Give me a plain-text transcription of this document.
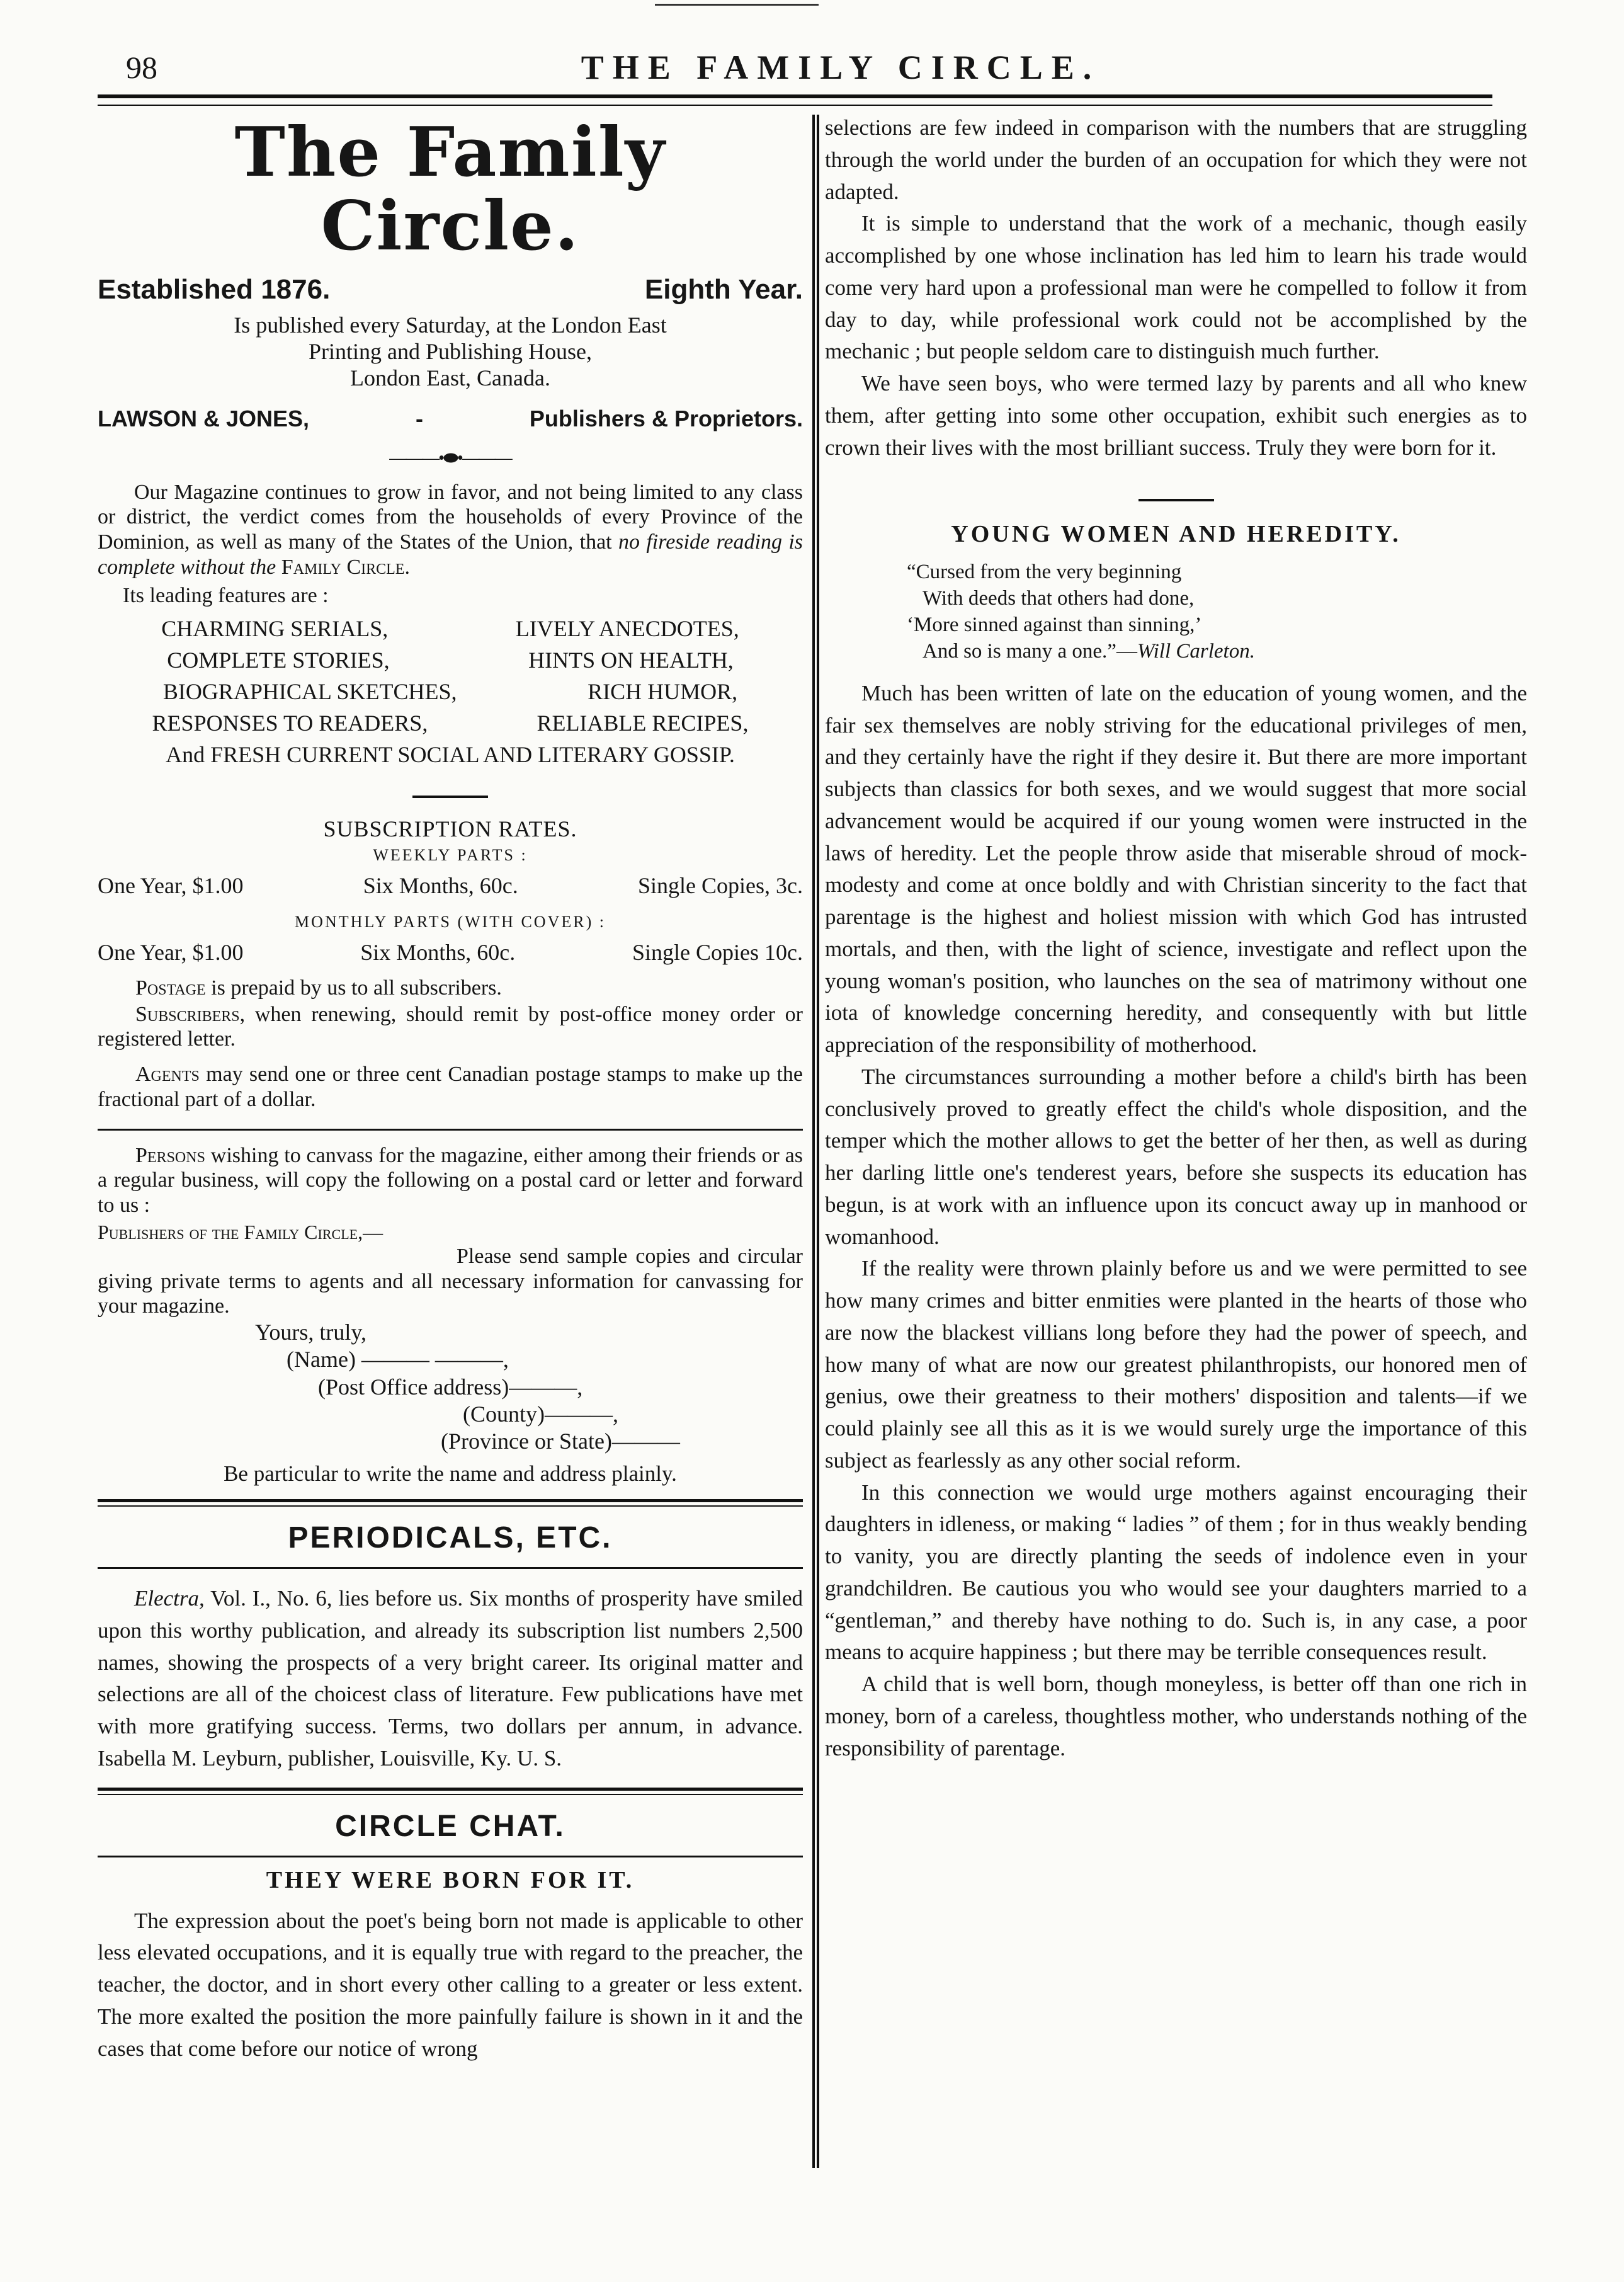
98	THE FAMILY CIRCLE.
The Family Circle.
Established 1876.	Eighth Year.

Is published every Saturday, at the London East

Printing and Publishing House,

London East, Canada.

LAWSON & JONES,	-	Publishers & Proprietors.
———•⬬•———

Our Magazine continues to grow in favor, and not being limited to any class or district, the verdict comes from the households of every Province of the Dominion, as well as many of the States of the Union, that no fireside reading is complete without the Family Circle.

Its leading features are :

CHARMING SERIALS,	LIVELY ANECDOTES,
COMPLETE STORIES,	HINTS ON HEALTH,
BIOGRAPHICAL SKETCHES,	RICH HUMOR,
RESPONSES TO READERS,	RELIABLE RECIPES,
And FRESH CURRENT SOCIAL AND LITERARY GOSSIP.
SUBSCRIPTION RATES.
WEEKLY PARTS :
One Year, $1.00	Six Months, 60c.	Single Copies, 3c.
MONTHLY PARTS (WITH COVER) :
One Year, $1.00	Six Months, 60c.	Single Copies 10c.

Postage is prepaid by us to all subscribers.

Subscribers, when renewing, should remit by post-office money order or registered letter.

Agents may send one or three cent Canadian postage stamps to make up the fractional part of a dollar.

Persons wishing to canvass for the magazine, either among their friends or as a regular business, will copy the following on a postal card or letter and forward to us :

Publishers of the Family Circle,—

Please send sample copies and circular giving private terms to agents and all necessary information for canvassing for your magazine.

Yours, truly,

(Name) ——— ———,

(Post Office address)———,

(County)———,

(Province or State)———

Be particular to write the name and address plainly.

PERIODICALS, ETC.

Electra, Vol. I., No. 6, lies before us. Six months of prosperity have smiled upon this worthy publication, and already its subscription list numbers 2,500 names, showing the prospects of a very bright career. Its original matter and selections are all of the choicest class of literature. Few publications have met with more gratifying success. Terms, two dollars per annum, in advance. Isabella M. Leyburn, publisher, Louisville, Ky. U. S.

CIRCLE CHAT.
THEY WERE BORN FOR IT.

The expression about the poet's being born not made is applicable to other less elevated occupations, and it is equally true with regard to the preacher, the teacher, the doctor, and in short every other calling to a greater or less extent. The more exalted the position the more painfully failure is shown in it and the cases that come before our notice of wrong

selections are few indeed in comparison with the numbers that are struggling through the world under the burden of an occupation for which they were not adapted.

It is simple to understand that the work of a mechanic, though easily accomplished by one whose inclination has led him to learn his trade would come very hard upon a professional man were he compelled to follow it from day to day, while professional work could not be accomplished by the mechanic ; but people seldom care to distinguish much further.

We have seen boys, who were termed lazy by parents and all who knew them, after getting into some other occupation, exhibit such energies as to crown their lives with the most brilliant success. Truly they were born for it.

YOUNG WOMEN AND HEREDITY.

“Cursed from the very beginning

With deeds that others had done,

‘More sinned against than sinning,’

And so is many a one.”—Will Carleton.

Much has been written of late on the education of young women, and the fair sex themselves are nobly striving for the educational privileges of men, and they certainly have the right if they desire it. But there are more important subjects than classics for both sexes, and we would suggest that more social advancement would be acquired if our young women were instructed in the laws of heredity. Let the people throw aside that miserable shroud of mock-modesty and come at once boldly and with Christian sincerity to the fact that parentage is the highest and holiest mission with which God has intrusted mortals, and then, with the light of science, investigate and reflect upon the young woman's position, who launches on the sea of matrimony without one iota of knowledge concerning heredity, and consequently with but little appreciation of the responsibility of motherhood.

The circumstances surrounding a mother before a child's birth has been conclusively proved to greatly effect the child's whole disposition, and the temper which the mother allows to get the better of her then, as well as during her darling little one's tenderest years, before she suspects its education has begun, is at work with an influence upon its concuct away up in manhood or womanhood.

If the reality were thrown plainly before us and we were permitted to see how many crimes and bitter enmities were planted in the hearts of those who are now the blackest villians long before they had the power of speech, and how many of what are now our greatest philanthropists, our honored men of genius, owe their greatness to their mothers' disposition and talents—if we could plainly see all this as it is we would surely urge the importance of this subject as fearlessly as any other social reform.

In this connection we would urge mothers against encouraging their daughters in idleness, or making “ ladies ” of them ; for in thus weakly bending to vanity, you are directly planting the seeds of indolence even in your grandchildren. Be cautious you who would see your daughters married to a “gentleman,” and thereby have nothing to do. Such is, in any case, a poor means to acquire happiness ; but there may be terrible consequences result.

A child that is well born, though moneyless, is better off than one rich in money, born of a careless, thoughtless mother, who understands nothing of the responsibility of parentage.
